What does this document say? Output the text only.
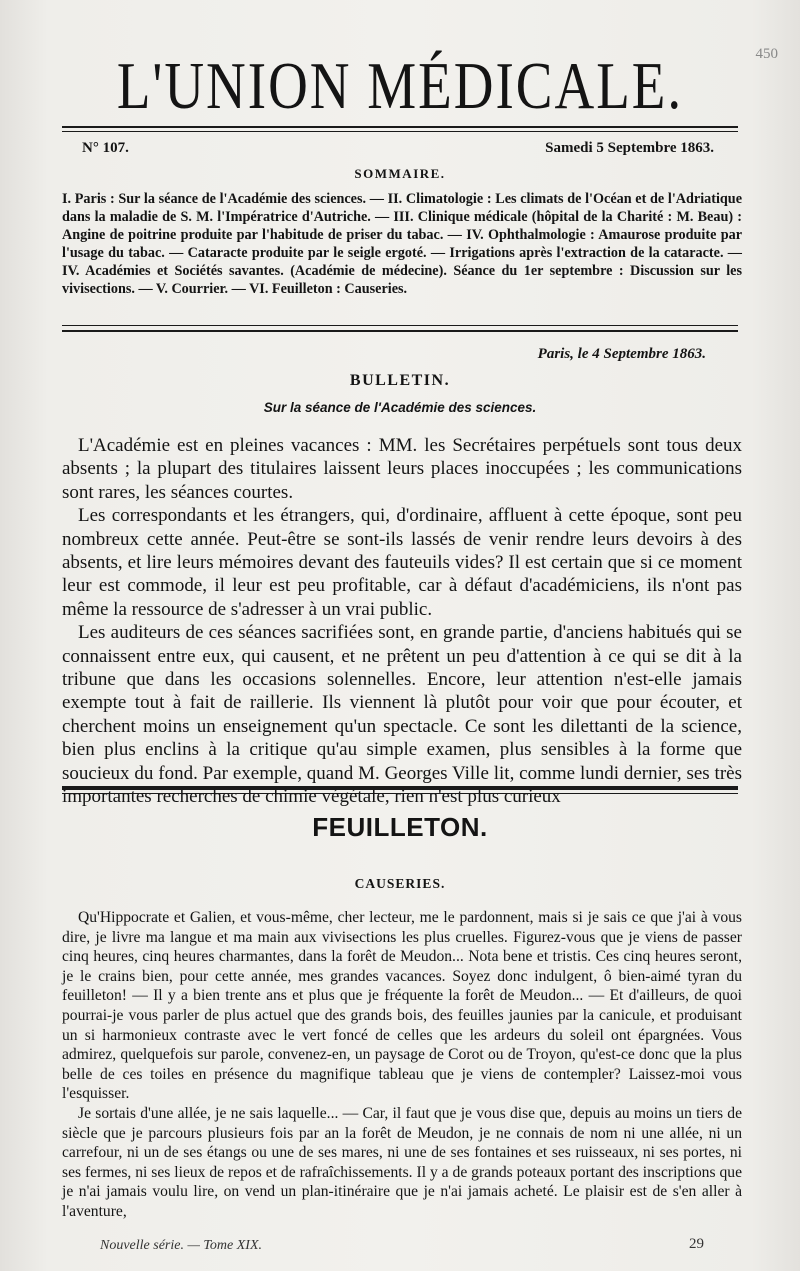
450
L'UNION MÉDICALE.
N° 107.	Samedi 5 Septembre 1863.
SOMMAIRE.
I. Paris : Sur la séance de l'Académie des sciences. — II. Climatologie : Les climats de l'Océan et de l'Adriatique dans la maladie de S. M. l'Impératrice d'Autriche. — III. Clinique médicale (hôpital de la Charité : M. Beau) : Angine de poitrine produite par l'habitude de priser du tabac. — IV. Ophthalmologie : Amaurose produite par l'usage du tabac. — Cataracte produite par le seigle ergoté. — Irrigations après l'extraction de la cataracte. — IV. Académies et Sociétés savantes. (Académie de médecine). Séance du 1er septembre : Discussion sur les vivisections. — V. Courrier. — VI. Feuilleton : Causeries.
Paris, le 4 Septembre 1863.
BULLETIN.
Sur la séance de l'Académie des sciences.

L'Académie est en pleines vacances : MM. les Secrétaires perpétuels sont tous deux absents ; la plupart des titulaires laissent leurs places inoccupées ; les communications sont rares, les séances courtes.

Les correspondants et les étrangers, qui, d'ordinaire, affluent à cette époque, sont peu nombreux cette année. Peut-être se sont-ils lassés de venir rendre leurs devoirs à des absents, et lire leurs mémoires devant des fauteuils vides? Il est certain que si ce moment leur est commode, il leur est peu profitable, car à défaut d'académiciens, ils n'ont pas même la ressource de s'adresser à un vrai public.

Les auditeurs de ces séances sacrifiées sont, en grande partie, d'anciens habitués qui se connaissent entre eux, qui causent, et ne prêtent un peu d'attention à ce qui se dit à la tribune que dans les occasions solennelles. Encore, leur attention n'est-elle jamais exempte tout à fait de raillerie. Ils viennent là plutôt pour voir que pour écouter, et cherchent moins un enseignement qu'un spectacle. Ce sont les dilettanti de la science, bien plus enclins à la critique qu'au simple examen, plus sensibles à la forme que soucieux du fond. Par exemple, quand M. Georges Ville lit, comme lundi dernier, ses très importantes recherches de chimie végétale, rien n'est plus curieux

FEUILLETON.
CAUSERIES.

Qu'Hippocrate et Galien, et vous-même, cher lecteur, me le pardonnent, mais si je sais ce que j'ai à vous dire, je livre ma langue et ma main aux vivisections les plus cruelles. Figurez-vous que je viens de passer cinq heures, cinq heures charmantes, dans la forêt de Meudon... Nota bene et tristis. Ces cinq heures seront, je le crains bien, pour cette année, mes grandes vacances. Soyez donc indulgent, ô bien-aimé tyran du feuilleton! — Il y a bien trente ans et plus que je fréquente la forêt de Meudon... — Et d'ailleurs, de quoi pourrai-je vous parler de plus actuel que des grands bois, des feuilles jaunies par la canicule, et produisant un si harmonieux contraste avec le vert foncé de celles que les ardeurs du soleil ont épargnées. Vous admirez, quelquefois sur parole, convenez-en, un paysage de Corot ou de Troyon, qu'est-ce donc que la plus belle de ces toiles en présence du magnifique tableau que je viens de contempler? Laissez-moi vous l'esquisser.

Je sortais d'une allée, je ne sais laquelle... — Car, il faut que je vous dise que, depuis au moins un tiers de siècle que je parcours plusieurs fois par an la forêt de Meudon, je ne connais de nom ni une allée, ni un carrefour, ni un de ses étangs ou une de ses mares, ni une de ses fontaines et ses ruisseaux, ni ses portes, ni ses fermes, ni ses lieux de repos et de rafraîchissements. Il y a de grands poteaux portant des inscriptions que je n'ai jamais voulu lire, on vend un plan-itinéraire que je n'ai jamais acheté. Le plaisir est de s'en aller à l'aventure,

Nouvelle série. — Tome XIX.	29
